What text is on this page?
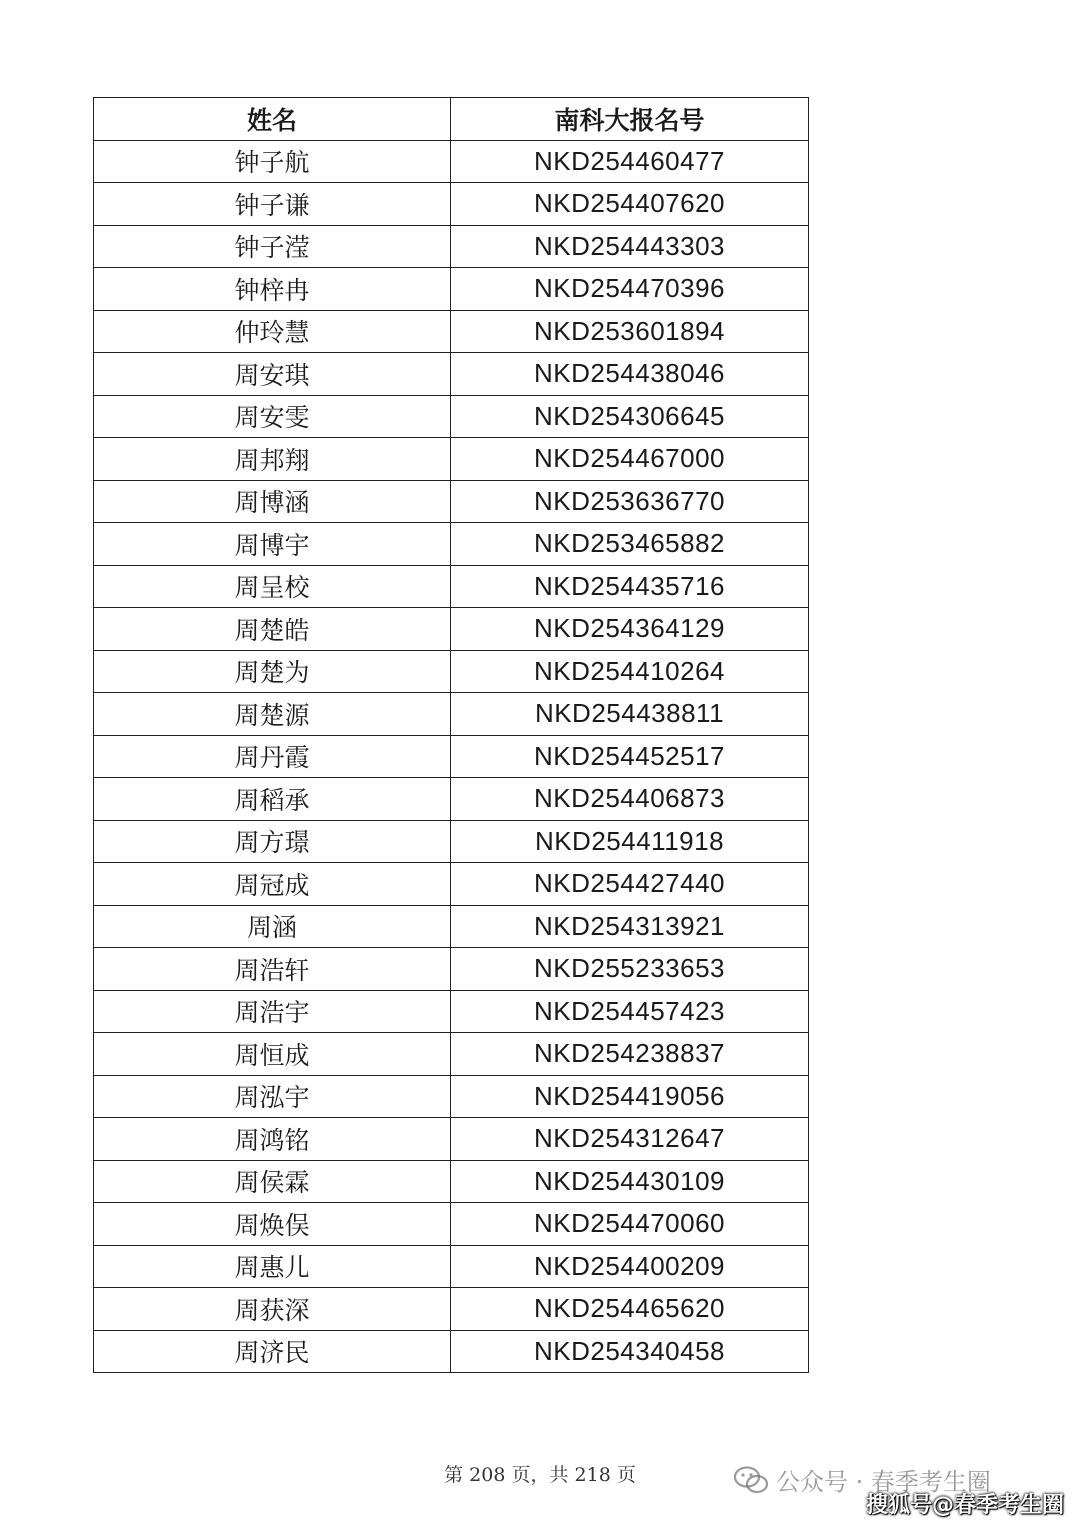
姓名	南科大报名号
钟子航	NKD254460477
钟子谦	NKD254407620
钟子滢	NKD254443303
钟梓冉	NKD254470396
仲玲慧	NKD253601894
周安琪	NKD254438046
周安雯	NKD254306645
周邦翔	NKD254467000
周博涵	NKD253636770
周博宇	NKD253465882
周呈校	NKD254435716
周楚皓	NKD254364129
周楚为	NKD254410264
周楚源	NKD254438811
周丹霞	NKD254452517
周稻承	NKD254406873
周方璟	NKD254411918
周冠成	NKD254427440
周涵	NKD254313921
周浩轩	NKD255233653
周浩宇	NKD254457423
周恒成	NKD254238837
周泓宇	NKD254419056
周鸿铭	NKD254312647
周侯霖	NKD254430109
周焕俣	NKD254470060
周惠儿	NKD254400209
周获深	NKD254465620
周济民	NKD254340458
第 208 页，共 218 页	公众号 · 春季考生圈
搜狐号@春季考生圈
